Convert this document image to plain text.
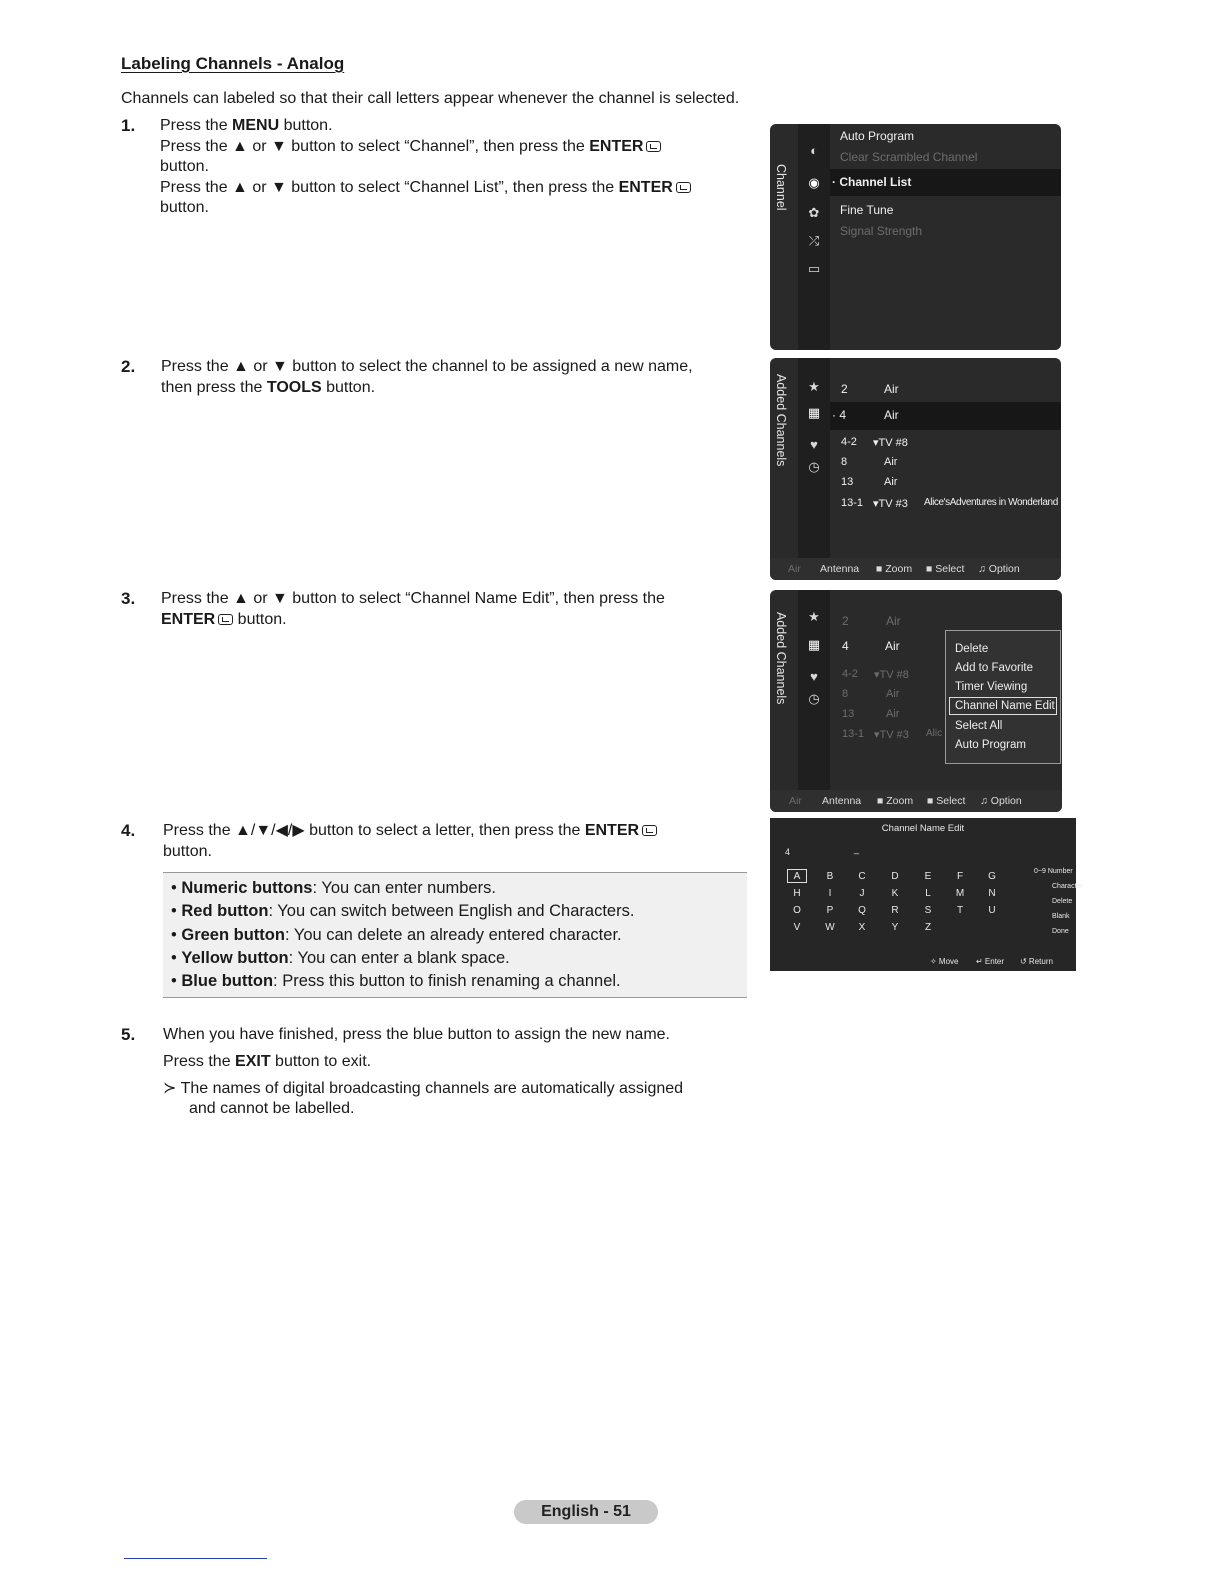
Labeling Channels - Analog
Channels can labeled so that their call letters appear whenever the channel is selected.
1. Press the MENU button.
Press the ▲ or ▼ button to select “Channel”, then press the ENTER
button.
Press the ▲ or ▼ button to select “Channel List”, then press the ENTER
button.
2. Press the ▲ or ▼ button to select the channel to be assigned a new name,
then press the TOOLS button.
3. Press the ▲ or ▼ button to select “Channel Name Edit”, then press the
ENTER button.
4. Press the ▲/▼/◀/▶ button to select a letter, then press the ENTER
button.
• Numeric buttons: You can enter numbers.
• Red button: You can switch between English and Characters.
• Green button: You can delete an already entered character.
• Yellow button: You can enter a blank space.
• Blue button: Press this button to finish renaming a channel.
5. When you have finished, press the blue button to assign the new name.
Press the EXIT button to exit.
≻ The names of digital broadcasting channels are automatically assigned
and cannot be labelled.
Channel
◐
◉
✿
⤮
▭
Auto Program
Clear Scrambled Channel
· Channel List
Fine Tune
Signal Strength
Added Channels ★
▦
♥
◷
2	Air
· 4	Air
4-2 ▾TV #8
8	Air
13	Air
13-1 ▾TV #3 Alice'sAdventures in Wonderland
Air Antenna ■ Zoom ■ Select ♫ Option
Added Channels ★
▦
♥
◷
2	Air
4	Air
4-2 ▾TV #8
8	Air
13	Air
13-1 ▾TV #3 Alic
Delete
Add to Favorite
Timer Viewing
Channel Name Edit
Select All
Auto Program
Air Antenna ■ Zoom ■ Select ♫ Option
Channel Name Edit
4	_
A	B	C	D	E	F	G
H	I	J	K	L	M	N
O	P	Q	R	S	T	U
V	W	X	Y	Z
0~9 Number
Character
Delete
Blank
Done
✧ Move ↵ Enter ↺ Return
English - 51
